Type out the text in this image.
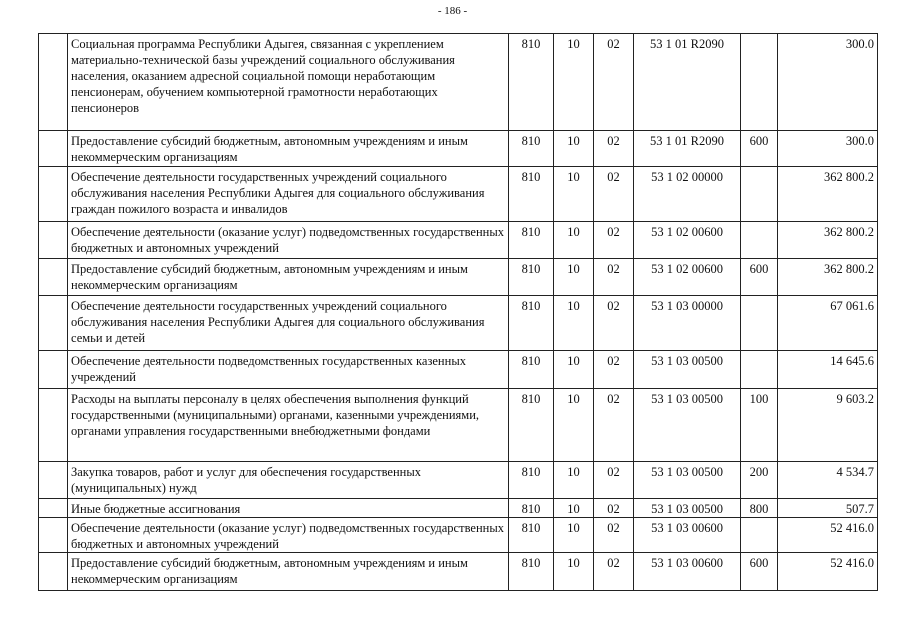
- 186 -
	Социальная программа Республики Адыгея, связанная с укреплением материально-технической базы учреждений социального обслуживания населения, оказанием адресной социальной помощи неработающим пенсионерам, обучением компьютерной грамотности неработающих пенсионеров	810	10	02	53 1 01 R2090		300.0
	Предоставление субсидий бюджетным, автономным учреждениям и иным некоммерческим организациям	810	10	02	53 1 01 R2090	600	300.0
	Обеспечение деятельности государственных учреждений социального обслуживания населения Республики Адыгея для социального обслуживания граждан пожилого возраста и инвалидов	810	10	02	53 1 02 00000		362 800.2
	Обеспечение деятельности (оказание услуг) подведомственных государственных бюджетных и автономных учреждений	810	10	02	53 1 02 00600		362 800.2
	Предоставление субсидий бюджетным, автономным учреждениям и иным некоммерческим организациям	810	10	02	53 1 02 00600	600	362 800.2
	Обеспечение деятельности государственных учреждений социального обслуживания населения Республики Адыгея для социального обслуживания семьи и детей	810	10	02	53 1 03 00000		67 061.6
	Обеспечение деятельности подведомственных государственных казенных учреждений	810	10	02	53 1 03 00500		14 645.6
	Расходы на выплаты персоналу в целях обеспечения выполнения функций государственными (муниципальными) органами, казенными учреждениями, органами управления государственными внебюджетными фондами	810	10	02	53 1 03 00500	100	9 603.2
	Закупка товаров, работ и услуг для обеспечения государственных (муниципальных) нужд	810	10	02	53 1 03 00500	200	4 534.7
	Иные бюджетные ассигнования	810	10	02	53 1 03 00500	800	507.7
	Обеспечение деятельности (оказание услуг) подведомственных государственных бюджетных и автономных учреждений	810	10	02	53 1 03 00600		52 416.0
	Предоставление субсидий бюджетным, автономным учреждениям и иным некоммерческим организациям	810	10	02	53 1 03 00600	600	52 416.0
